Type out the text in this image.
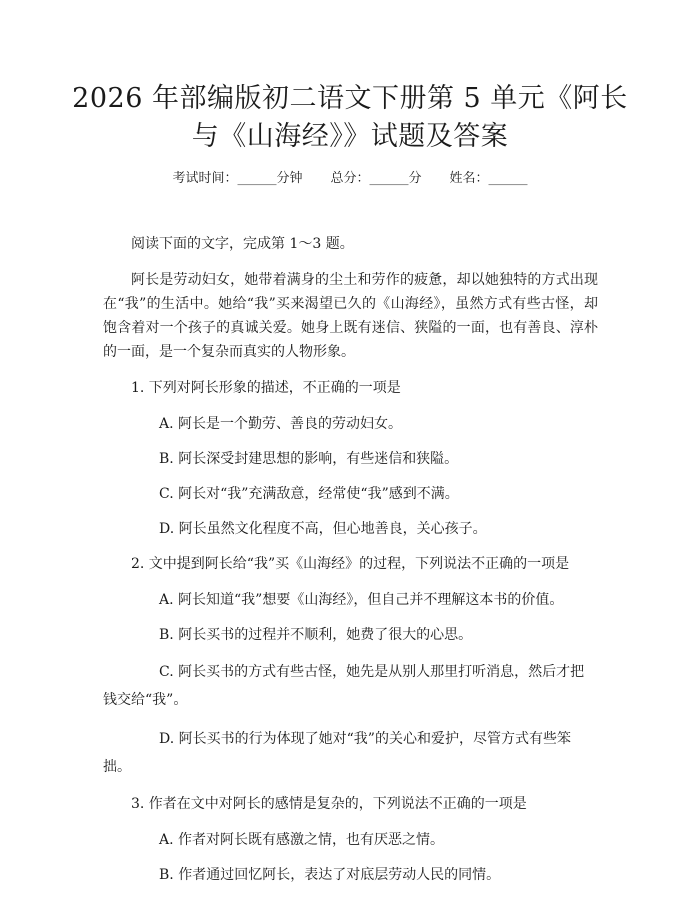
2026 年部编版初二语文下册第 5 单元《阿长
与《山海经》》试题及答案
考试时间：______分钟 总分：______分 姓名：______

阅读下面的文字，完成第 1～3 题。

阿长是劳动妇女，她带着满身的尘土和劳作的疲惫，却以她独特的方式出现在“我”的生活中。她给“我”买来渴望已久的《山海经》，虽然方式有些古怪，却饱含着对一个孩子的真诚关爱。她身上既有迷信、狭隘的一面，也有善良、淳朴的一面，是一个复杂而真实的人物形象。

1. 下列对阿长形象的描述，不正确的一项是

A. 阿长是一个勤劳、善良的劳动妇女。

B. 阿长深受封建思想的影响，有些迷信和狭隘。

C. 阿长对“我”充满敌意，经常使“我”感到不满。

D. 阿长虽然文化程度不高，但心地善良，关心孩子。

2. 文中提到阿长给“我”买《山海经》的过程，下列说法不正确的一项是

A. 阿长知道“我”想要《山海经》，但自己并不理解这本书的价值。

B. 阿长买书的过程并不顺利，她费了很大的心思。

C. 阿长买书的方式有些古怪，她先是从别人那里打听消息，然后才把钱交给“我”。

D. 阿长买书的行为体现了她对“我”的关心和爱护，尽管方式有些笨拙。

3. 作者在文中对阿长的感情是复杂的，下列说法不正确的一项是

A. 作者对阿长既有感激之情，也有厌恶之情。

B. 作者通过回忆阿长，表达了对底层劳动人民的同情。
